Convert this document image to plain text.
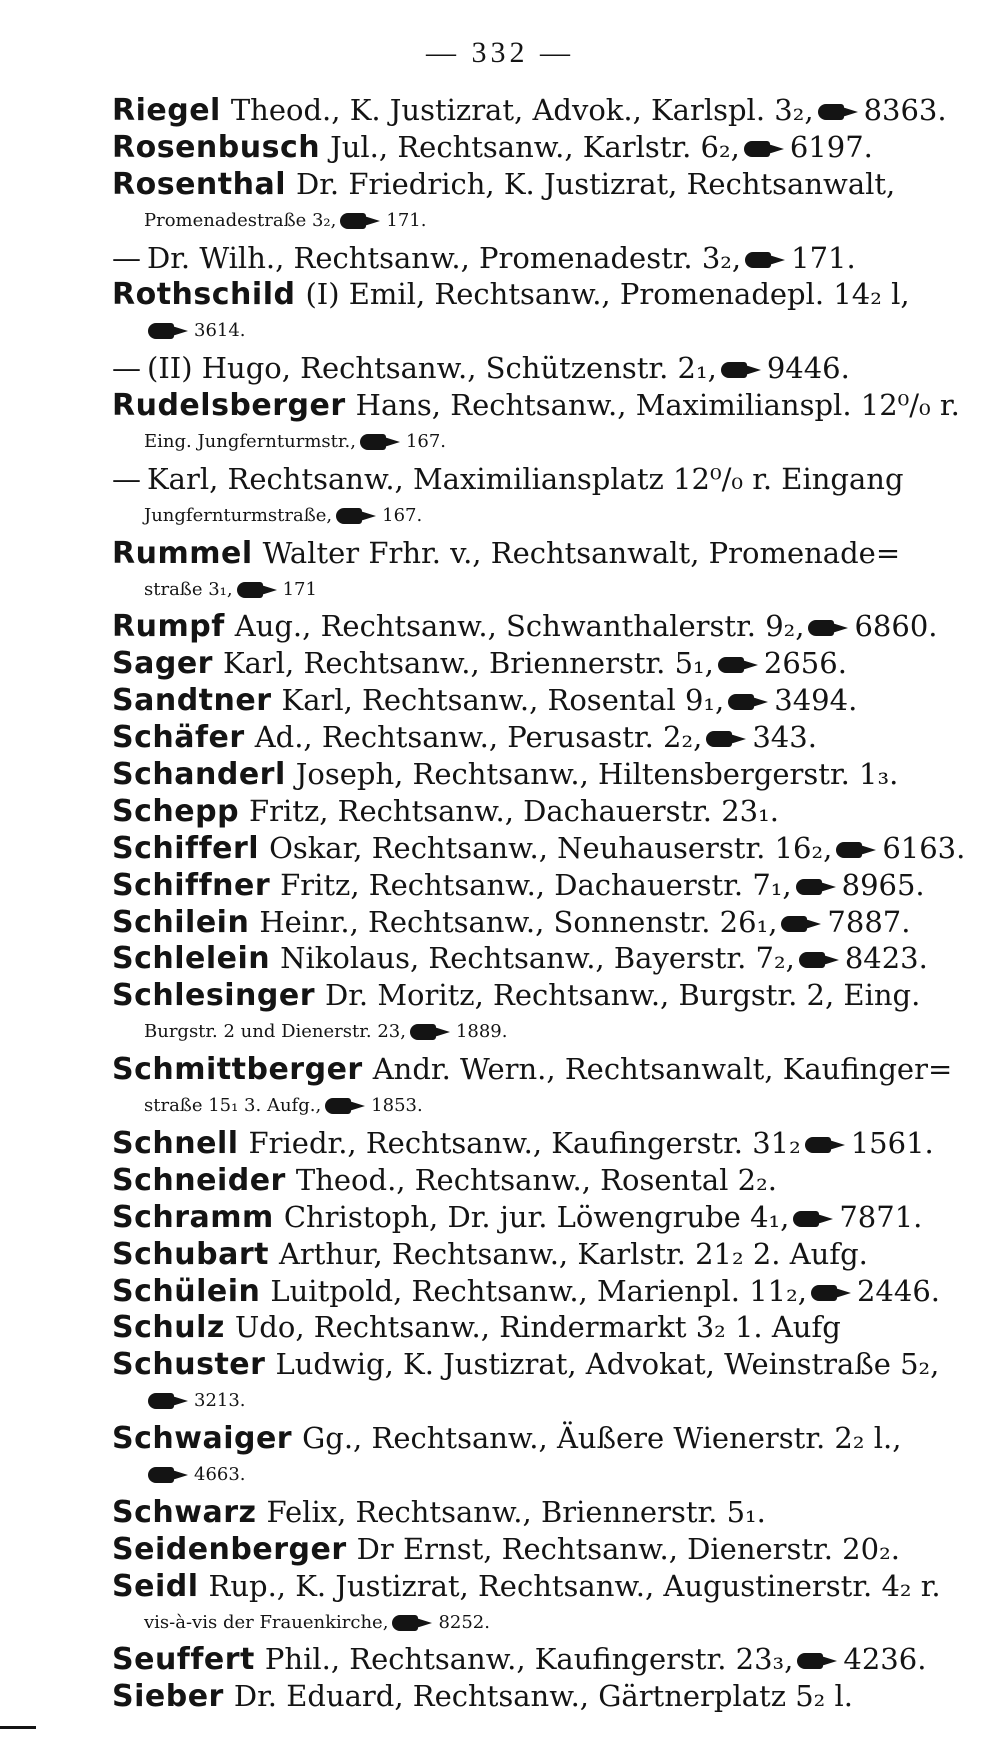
— 332 —
Riegel Theod., K. Justizrat, Advok., Karlspl. 3₂, 8363.
Rosenbusch Jul., Rechtsanw., Karlstr. 6₂, 6197.
Rosenthal Dr. Friedrich, K. Justizrat, Rechtsanwalt,
Promenadestraße 3₂,	171.
— Dr. Wilh., Rechtsanw., Promenadestr. 3₂, 171.
Rothschild (I) Emil, Rechtsanw., Promenadepl. 14₂ l,
3614.
— (II) Hugo, Rechtsanw., Schützenstr. 2₁, 9446.
Rudelsberger Hans, Rechtsanw., Maximilianspl. 12⁰/₀ r.
Eing. Jungfernturmstr.,	167.
— Karl, Rechtsanw., Maximiliansplatz 12⁰/₀ r. Eingang
Jungfernturmstraße,	167.
Rummel Walter Frhr. v., Rechtsanwalt, Promenade=
straße 3₁,	171
Rumpf Aug., Rechtsanw., Schwanthalerstr. 9₂, 6860.
Sager Karl, Rechtsanw., Briennerstr. 5₁, 2656.
Sandtner Karl, Rechtsanw., Rosental 9₁, 3494.
Schäfer Ad., Rechtsanw., Perusastr. 2₂, 343.
Schanderl Joseph, Rechtsanw., Hiltensbergerstr. 1₃.
Schepp Fritz, Rechtsanw., Dachauerstr. 23₁.
Schifferl Oskar, Rechtsanw., Neuhauserstr. 16₂, 6163.
Schiffner Fritz, Rechtsanw., Dachauerstr. 7₁, 8965.
Schilein Heinr., Rechtsanw., Sonnenstr. 26₁, 7887.
Schlelein Nikolaus, Rechtsanw., Bayerstr. 7₂, 8423.
Schlesinger Dr. Moritz, Rechtsanw., Burgstr. 2, Eing.
Burgstr. 2 und Dienerstr. 23,	1889.
Schmittberger Andr. Wern., Rechtsanwalt, Kaufinger=
straße 15₁ 3. Aufg.,	1853.
Schnell Friedr., Rechtsanw., Kaufingerstr. 31₂ 1561.
Schneider Theod., Rechtsanw., Rosental 2₂.
Schramm Christoph, Dr. jur. Löwengrube 4₁, 7871.
Schubart Arthur, Rechtsanw., Karlstr. 21₂ 2. Aufg.
Schülein Luitpold, Rechtsanw., Marienpl. 11₂, 2446.
Schulz Udo, Rechtsanw., Rindermarkt 3₂ 1. Aufg
Schuster Ludwig, K. Justizrat, Advokat, Weinstraße 5₂,
3213.
Schwaiger Gg., Rechtsanw., Äußere Wienerstr. 2₂ l.,
4663.
Schwarz Felix, Rechtsanw., Briennerstr. 5₁.
Seidenberger Dr Ernst, Rechtsanw., Dienerstr. 20₂.
Seidl Rup., K. Justizrat, Rechtsanw., Augustinerstr. 4₂ r.
vis-à-vis der Frauenkirche,	8252.
Seuffert Phil., Rechtsanw., Kaufingerstr. 23₃, 4236.
Sieber Dr. Eduard, Rechtsanw., Gärtnerplatz 5₂ l.
